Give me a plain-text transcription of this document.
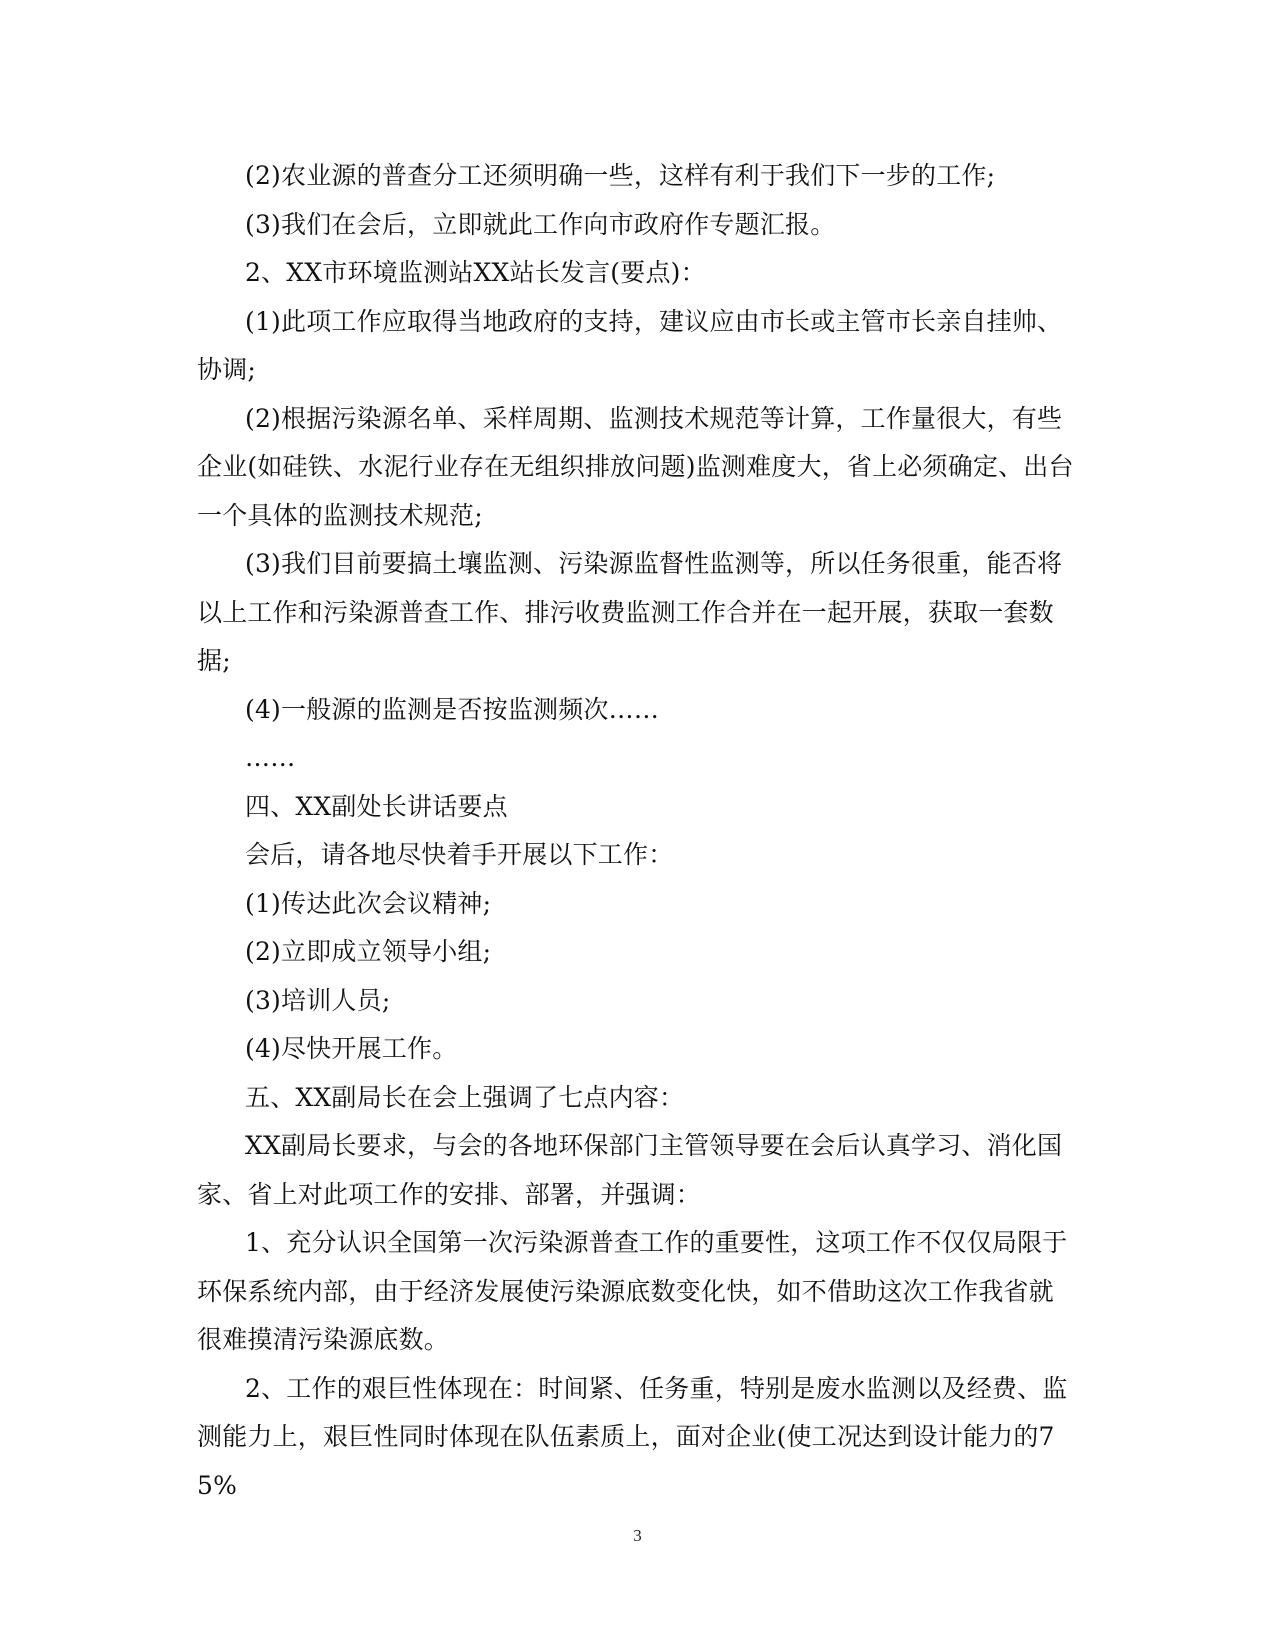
(2)农业源的普查分工还须明确一些，这样有利于我们下一步的工作;

(3)我们在会后，立即就此工作向市政府作专题汇报。

2、XX市环境监测站XX站长发言(要点)：

(1)此项工作应取得当地政府的支持，建议应由市长或主管市长亲自挂帅、协调;

(2)根据污染源名单、采样周期、监测技术规范等计算，工作量很大，有些企业(如硅铁、水泥行业存在无组织排放问题)监测难度大，省上必须确定、出台一个具体的监测技术规范;

(3)我们目前要搞土壤监测、污染源监督性监测等，所以任务很重，能否将以上工作和污染源普查工作、排污收费监测工作合并在一起开展，获取一套数据;

(4)一般源的监测是否按监测频次……

……

四、XX副处长讲话要点

会后，请各地尽快着手开展以下工作：

(1)传达此次会议精神;

(2)立即成立领导小组;

(3)培训人员;

(4)尽快开展工作。

五、XX副局长在会上强调了七点内容：

XX副局长要求，与会的各地环保部门主管领导要在会后认真学习、消化国家、省上对此项工作的安排、部署，并强调：

1、充分认识全国第一次污染源普查工作的重要性，这项工作不仅仅局限于环保系统内部，由于经济发展使污染源底数变化快，如不借助这次工作我省就很难摸清污染源底数。

2、工作的艰巨性体现在：时间紧、任务重，特别是废水监测以及经费、监测能力上，艰巨性同时体现在队伍素质上，面对企业(使工况达到设计能力的75%

3
